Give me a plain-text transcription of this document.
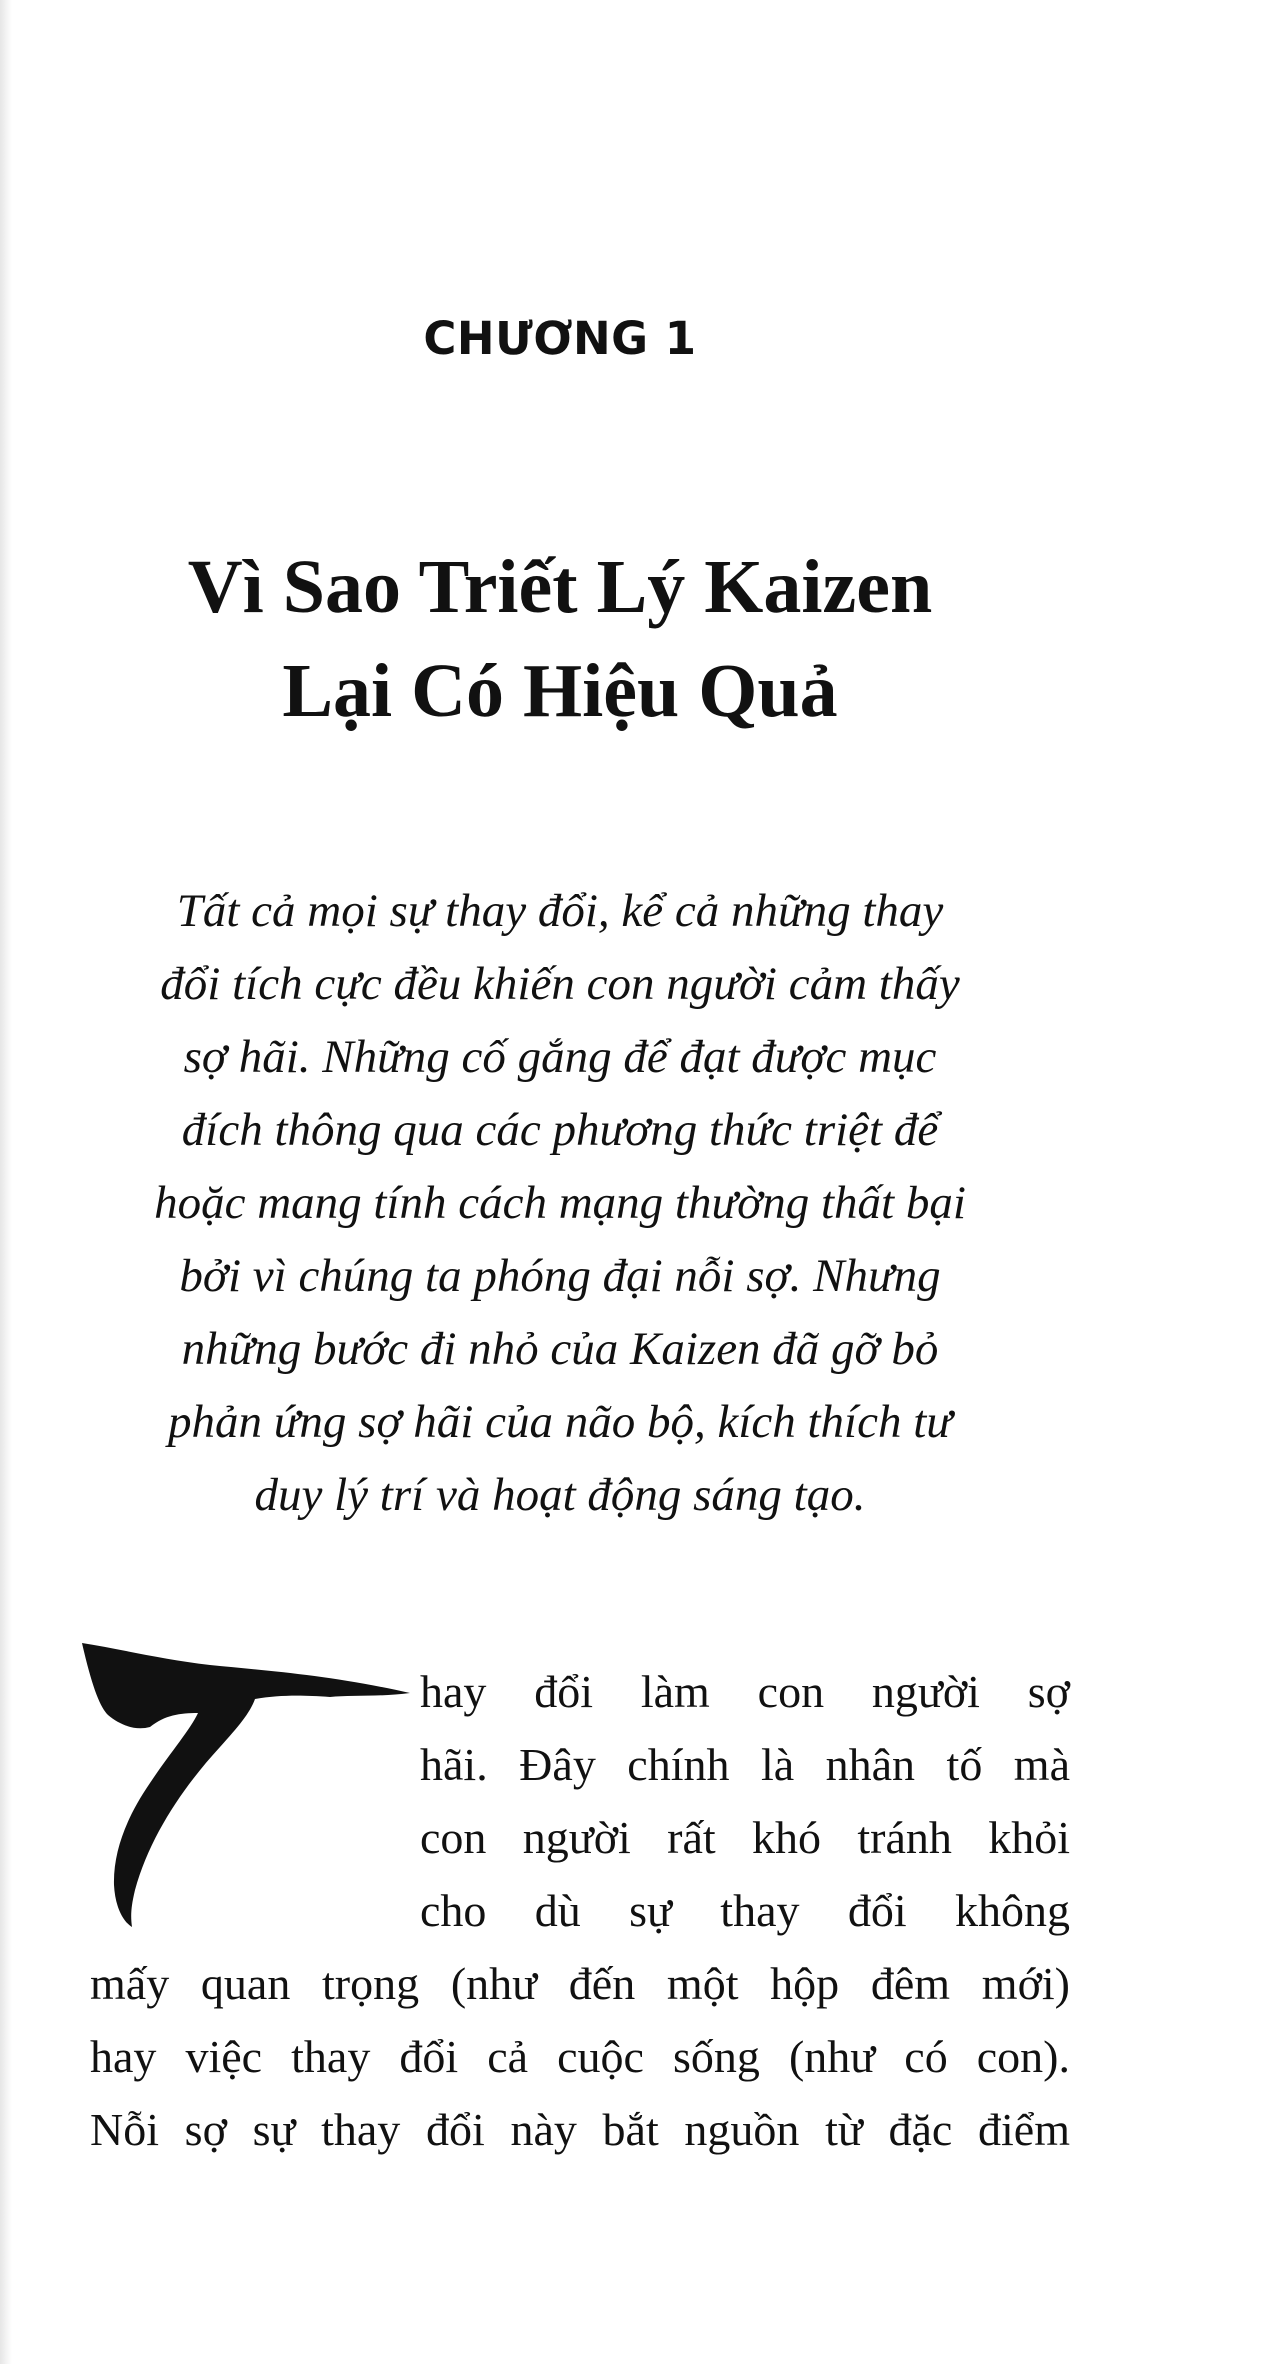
CHƯƠNG 1
Vì Sao Triết Lý Kaizen
Lại Có Hiệu Quả
Tất cả mọi sự thay đổi, kể cả những thay
đổi tích cực đều khiến con người cảm thấy
sợ hãi. Những cố gắng để đạt được mục
đích thông qua các phương thức triệt để
hoặc mang tính cách mạng thường thất bại
bởi vì chúng ta phóng đại nỗi sợ. Nhưng
những bước đi nhỏ của Kaizen đã gỡ bỏ
phản ứng sợ hãi của não bộ, kích thích tư
duy lý trí và hoạt động sáng tạo.
hay đổi làm con người sợ
hãi. Đây chính là nhân tố mà
con người rất khó tránh khỏi
cho dù sự thay đổi không
mấy quan trọng (như đến một hộp đêm mới)
hay việc thay đổi cả cuộc sống (như có con).
Nỗi sợ sự thay đổi này bắt nguồn từ đặc điểm
